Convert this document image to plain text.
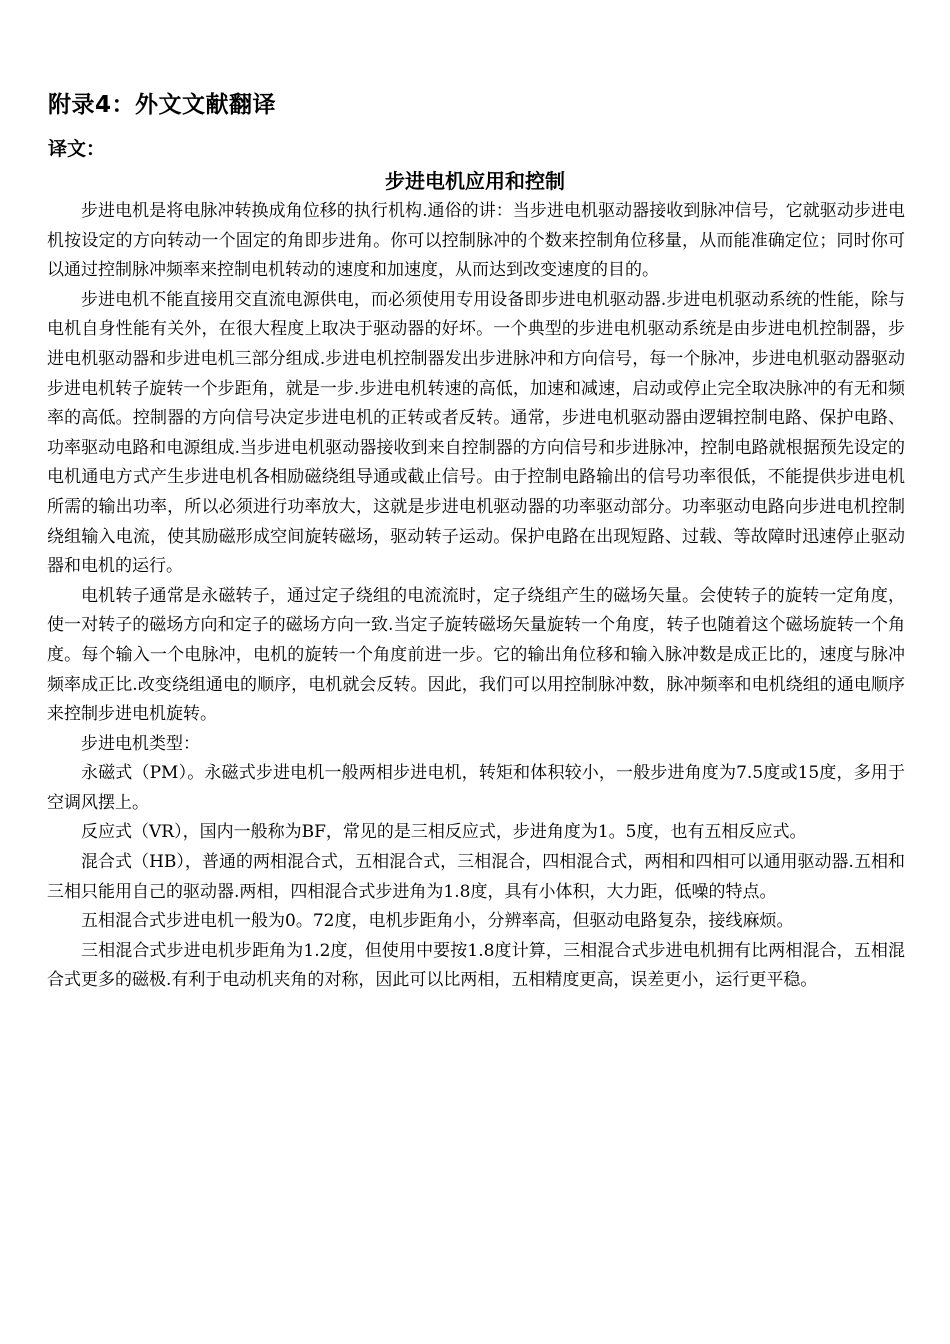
附录4：外文文献翻译
译文：
步进电机应用和控制

步进电机是将电脉冲转换成角位移的执行机构.通俗的讲：当步进电机驱动器接收到脉冲信号，它就驱动步进电机按设定的方向转动一个固定的角即步进角。你可以控制脉冲的个数来控制角位移量，从而能准确定位；同时你可以通过控制脉冲频率来控制电机转动的速度和加速度，从而达到改变速度的目的。

步进电机不能直接用交直流电源供电，而必须使用专用设备即步进电机驱动器.步进电机驱动系统的性能，除与电机自身性能有关外，在很大程度上取决于驱动器的好坏。一个典型的步进电机驱动系统是由步进电机控制器，步进电机驱动器和步进电机三部分组成.步进电机控制器发出步进脉冲和方向信号，每一个脉冲，步进电机驱动器驱动步进电机转子旋转一个步距角，就是一步.步进电机转速的高低，加速和减速，启动或停止完全取决脉冲的有无和频率的高低。控制器的方向信号决定步进电机的正转或者反转。通常，步进电机驱动器由逻辑控制电路、保护电路、功率驱动电路和电源组成.当步进电机驱动器接收到来自控制器的方向信号和步进脉冲，控制电路就根据预先设定的电机通电方式产生步进电机各相励磁绕组导通或截止信号。由于控制电路输出的信号功率很低，不能提供步进电机所需的输出功率，所以必须进行功率放大，这就是步进电机驱动器的功率驱动部分。功率驱动电路向步进电机控制绕组输入电流，使其励磁形成空间旋转磁场，驱动转子运动。保护电路在出现短路、过载、等故障时迅速停止驱动器和电机的运行。

电机转子通常是永磁转子，通过定子绕组的电流流时，定子绕组产生的磁场矢量。会使转子的旋转一定角度，使一对转子的磁场方向和定子的磁场方向一致.当定子旋转磁场矢量旋转一个角度，转子也随着这个磁场旋转一个角度。每个输入一个电脉冲，电机的旋转一个角度前进一步。它的输出角位移和输入脉冲数是成正比的，速度与脉冲频率成正比.改变绕组通电的顺序，电机就会反转。因此，我们可以用控制脉冲数，脉冲频率和电机绕组的通电顺序来控制步进电机旋转。

步进电机类型：

永磁式（PM）。永磁式步进电机一般两相步进电机，转矩和体积较小，一般步进角度为7.5度或15度，多用于空调风摆上。

反应式（VR），国内一般称为BF，常见的是三相反应式，步进角度为1。5度，也有五相反应式。

混合式（HB），普通的两相混合式，五相混合式，三相混合，四相混合式，两相和四相可以通用驱动器.五相和三相只能用自己的驱动器.两相，四相混合式步进角为1.8度，具有小体积，大力距，低噪的特点。

五相混合式步进电机一般为0。72度，电机步距角小，分辨率高，但驱动电路复杂，接线麻烦。

三相混合式步进电机步距角为1.2度，但使用中要按1.8度计算，三相混合式步进电机拥有比两相混合，五相混合式更多的磁极.有利于电动机夹角的对称，因此可以比两相，五相精度更高，误差更小，运行更平稳。
